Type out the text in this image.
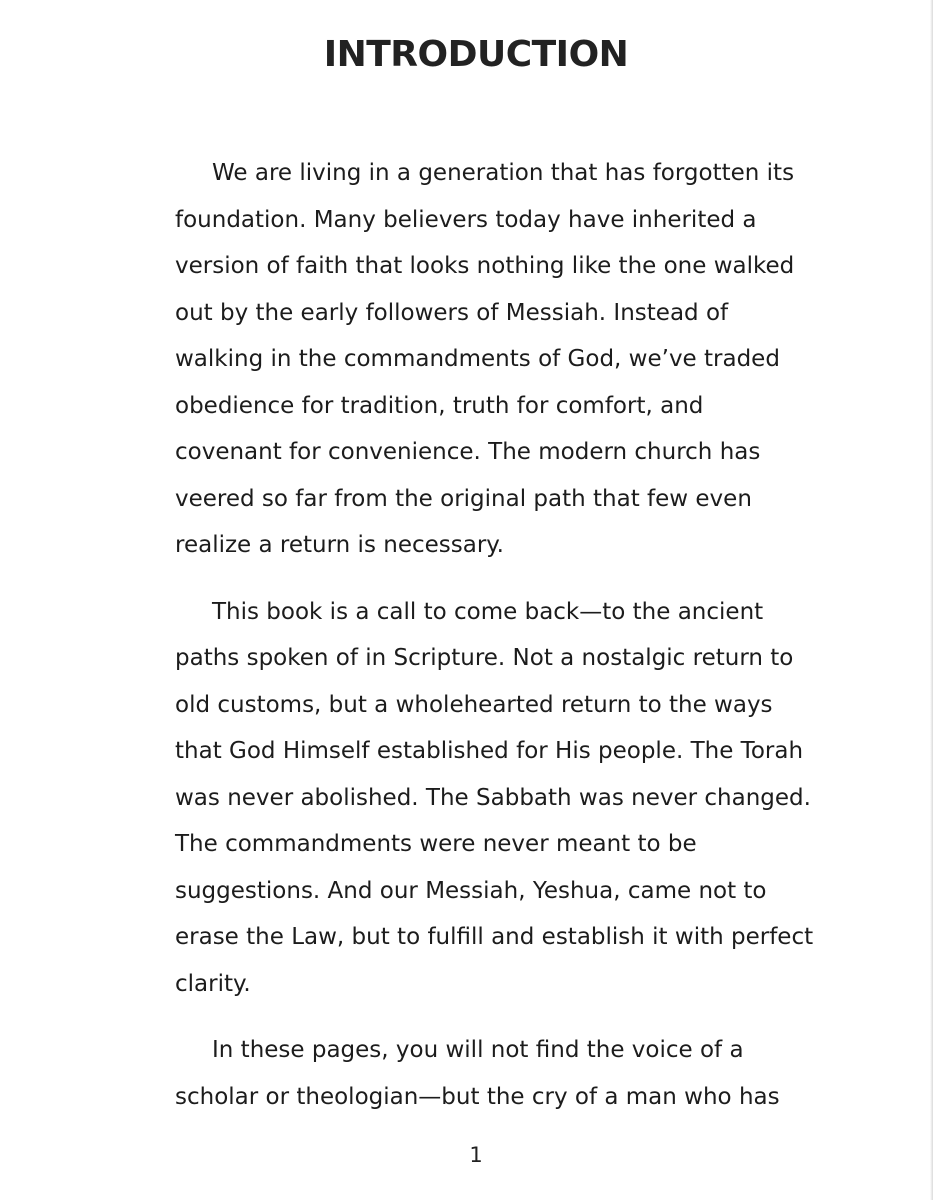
INTRODUCTION
We are living in a generation that has forgotten its
foundation. Many believers today have inherited a
version of faith that looks nothing like the one walked
out by the early followers of Messiah. Instead of
walking in the commandments of God, we’ve traded
obedience for tradition, truth for comfort, and
covenant for convenience. The modern church has
veered so far from the original path that few even
realize a return is necessary.
This book is a call to come back—to the ancient
paths spoken of in Scripture. Not a nostalgic return to
old customs, but a wholehearted return to the ways
that God Himself established for His people. The Torah
was never abolished. The Sabbath was never changed.
The commandments were never meant to be
suggestions. And our Messiah, Yeshua, came not to
erase the Law, but to fulfill and establish it with perfect
clarity.
In these pages, you will not find the voice of a
scholar or theologian—but the cry of a man who has
1
